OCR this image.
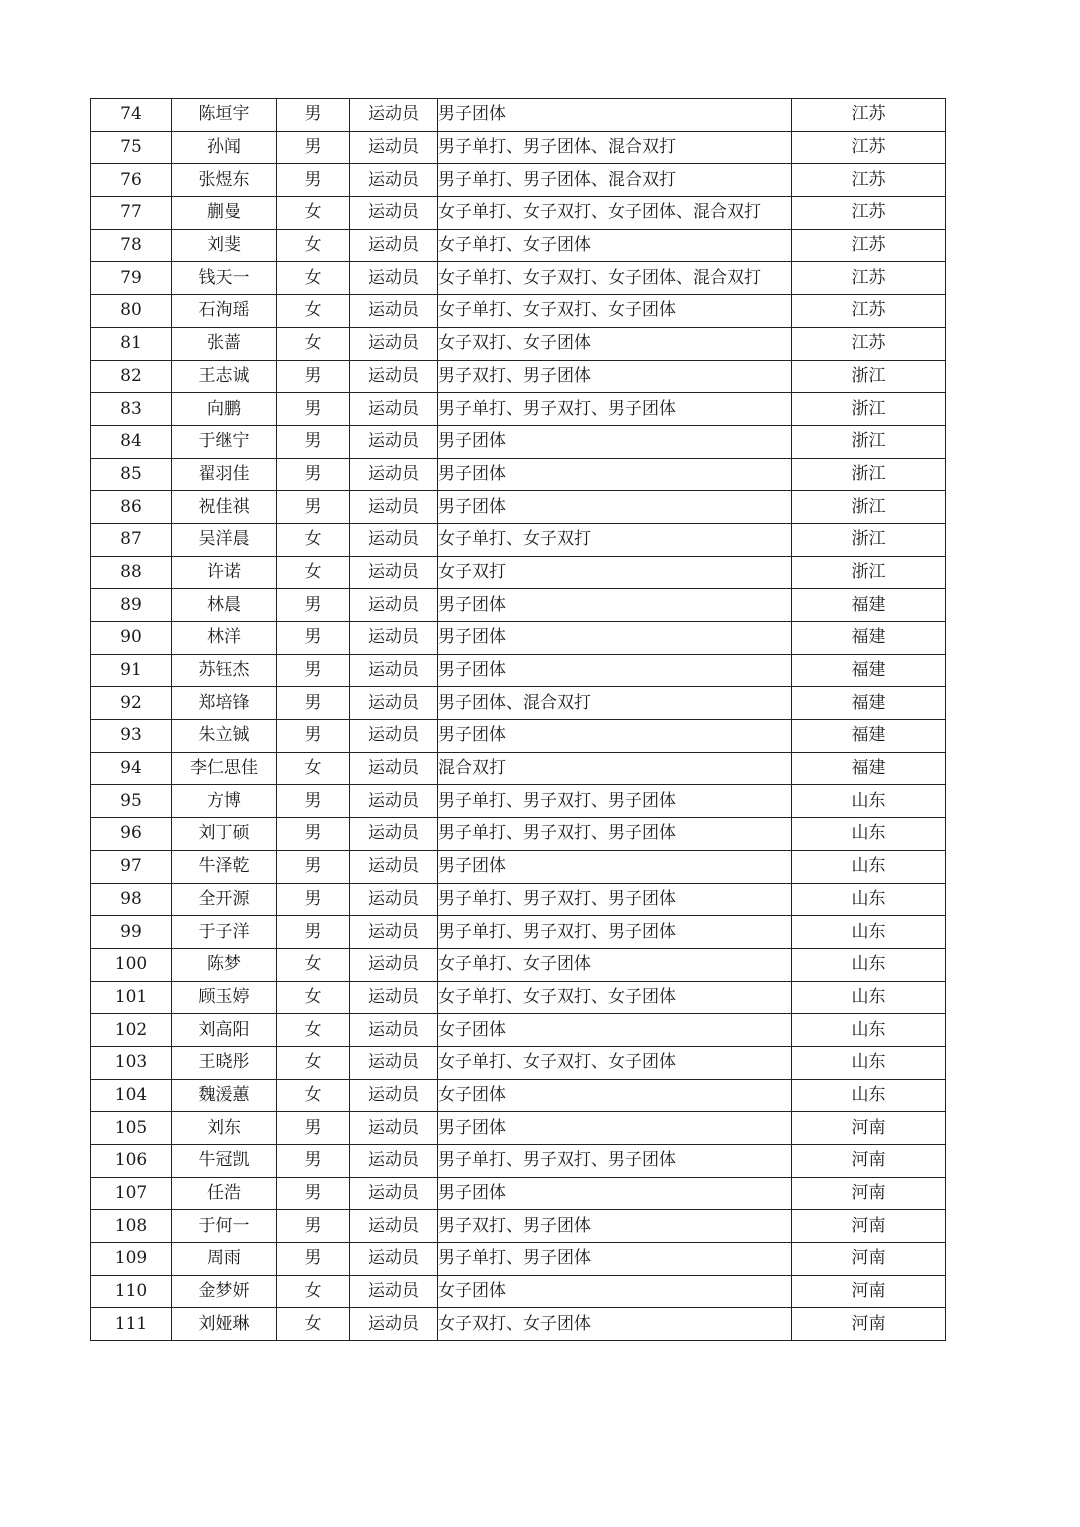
74	陈垣宇	男	运动员	男子团体	江苏
75	孙闻	男	运动员	男子单打、男子团体、混合双打	江苏
76	张煜东	男	运动员	男子单打、男子团体、混合双打	江苏
77	蒯曼	女	运动员	女子单打、女子双打、女子团体、混合双打	江苏
78	刘斐	女	运动员	女子单打、女子团体	江苏
79	钱天一	女	运动员	女子单打、女子双打、女子团体、混合双打	江苏
80	石洵瑶	女	运动员	女子单打、女子双打、女子团体	江苏
81	张蔷	女	运动员	女子双打、女子团体	江苏
82	王志诚	男	运动员	男子双打、男子团体	浙江
83	向鹏	男	运动员	男子单打、男子双打、男子团体	浙江
84	于继宁	男	运动员	男子团体	浙江
85	翟羽佳	男	运动员	男子团体	浙江
86	祝佳祺	男	运动员	男子团体	浙江
87	吴洋晨	女	运动员	女子单打、女子双打	浙江
88	许诺	女	运动员	女子双打	浙江
89	林晨	男	运动员	男子团体	福建
90	林洋	男	运动员	男子团体	福建
91	苏钰杰	男	运动员	男子团体	福建
92	郑培锋	男	运动员	男子团体、混合双打	福建
93	朱立铖	男	运动员	男子团体	福建
94	李仁思佳	女	运动员	混合双打	福建
95	方博	男	运动员	男子单打、男子双打、男子团体	山东
96	刘丁硕	男	运动员	男子单打、男子双打、男子团体	山东
97	牛泽乾	男	运动员	男子团体	山东
98	全开源	男	运动员	男子单打、男子双打、男子团体	山东
99	于子洋	男	运动员	男子单打、男子双打、男子团体	山东
100	陈梦	女	运动员	女子单打、女子团体	山东
101	顾玉婷	女	运动员	女子单打、女子双打、女子团体	山东
102	刘高阳	女	运动员	女子团体	山东
103	王晓彤	女	运动员	女子单打、女子双打、女子团体	山东
104	魏湲蕙	女	运动员	女子团体	山东
105	刘东	男	运动员	男子团体	河南
106	牛冠凯	男	运动员	男子单打、男子双打、男子团体	河南
107	任浩	男	运动员	男子团体	河南
108	于何一	男	运动员	男子双打、男子团体	河南
109	周雨	男	运动员	男子单打、男子团体	河南
110	金梦妍	女	运动员	女子团体	河南
111	刘娅琳	女	运动员	女子双打、女子团体	河南
